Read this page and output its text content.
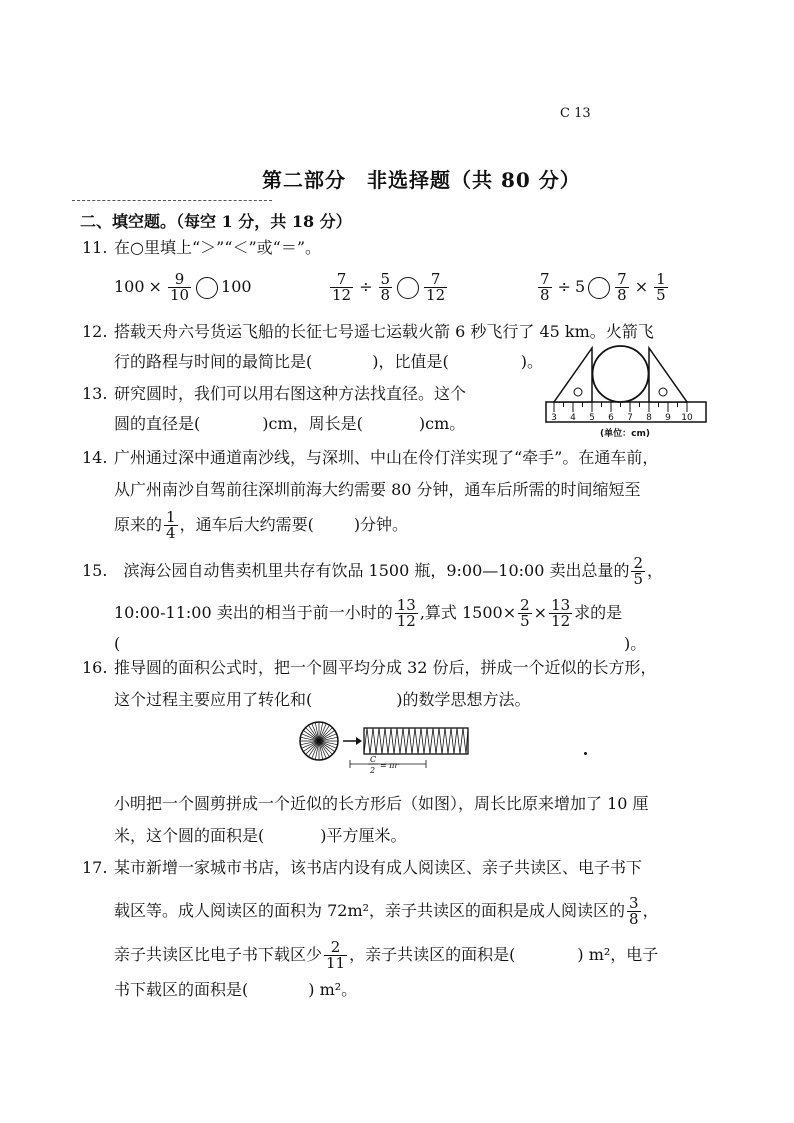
C 13
第二部分　非选择题（共 80 分）
二、填空题。（每空 1 分，共 18 分）
11. 在○里填上“＞”“＜”或“＝”。
$100 \times \frac{9}{10} 100$	$\frac{7}{12} \div \frac{5}{8} \frac{7}{12}$	$\frac{7}{8} \div 5 \frac{7}{8} \times \frac{1}{5}$
12. 搭载天舟六号货运飞船的长征七号遥七运载火箭 6 秒飞行了 45 km。火箭飞
行的路程与时间的最简比是(	)，比值是(	)。
13. 研究圆时，我们可以用右图这种方法找直径。这个
圆的直径是(	)cm，周长是(	)cm。	3 4 5 6 7 8 9 10
(单位：cm)
14. 广州通过深中通道南沙线，与深圳、中山在伶仃洋实现了“牵手”。在通车前，
从广州南沙自驾前往深圳前海大约需要 80 分钟，通车后所需的时间缩短至
原来的 $\frac{1}{4}$ ，通车后大约需要(	)分钟。
15. 滨海公园自动售卖机里共存有饮品 1500 瓶，9:00—10:00 卖出总量的 $\frac{2}{5}$ ，
10:00-11:00 卖出的相当于前一小时的 $\frac{13}{12}$ ,算式 $1500\times \frac{2}{5} \times \frac{13}{12}$ 求的是
(	)。
16. 推导圆的面积公式时，把一个圆平均分成 32 份后，拼成一个近似的长方形，
这个过程主要应用了转化和(	)的数学思想方法。
C
2
= πr
小明把一个圆剪拼成一个近似的长方形后（如图），周长比原来增加了 10 厘
米，这个圆的面积是(	)平方厘米。
17. 某市新增一家城市书店，该书店内设有成人阅读区、亲子共读区、电子书下
载区等。成人阅读区的面积为 72m²，亲子共读区的面积是成人阅读区的 $\frac{3}{8}$ ，
亲子共读区比电子书下载区少 $\frac{2}{11}$ ，亲子共读区的面积是(	) m²，电子
书下载区的面积是(	) m²。
